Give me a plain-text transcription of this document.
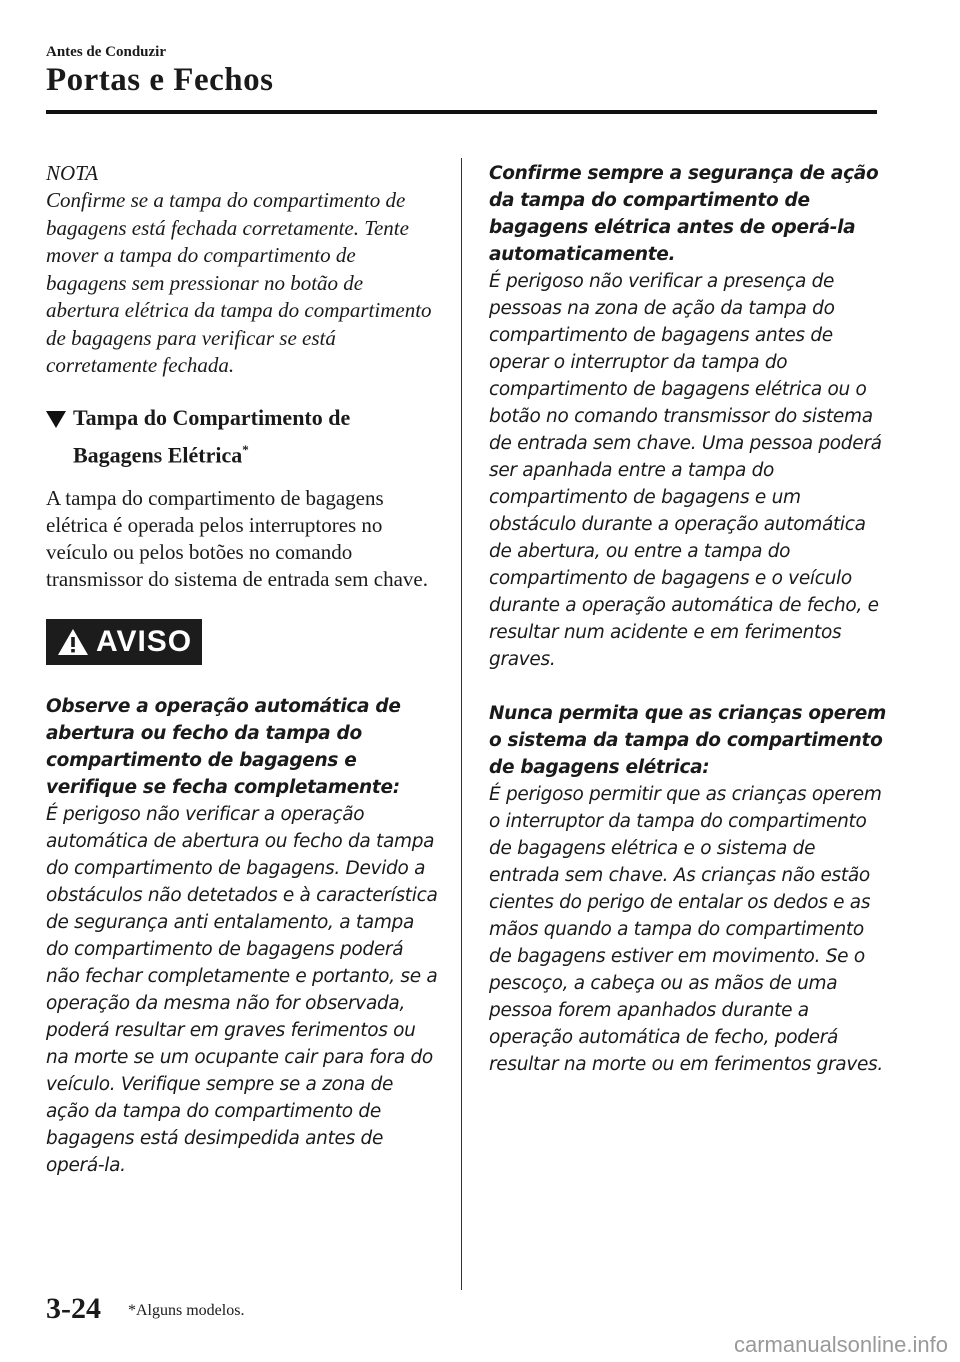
Antes de Conduzir
Portas e Fechos
NOTA
Confirme se a tampa do compartimento de bagagens está fechada corretamente. Tente mover a tampa do compartimento de bagagens sem pressionar no botão de abertura elétrica da tampa do compartimento de bagagens para verificar se está corretamente fechada.
Tampa do Compartimento de Bagagens Elétrica*
A tampa do compartimento de bagagens elétrica é operada pelos interruptores no veículo ou pelos botões no comando transmissor do sistema de entrada sem chave.
AVISO
Observe a operação automática de abertura ou fecho da tampa do compartimento de bagagens e verifique se fecha completamente:
É perigoso não verificar a operação automática de abertura ou fecho da tampa do compartimento de bagagens. Devido a obstáculos não detetados e à característica de segurança anti entalamento, a tampa do compartimento de bagagens poderá não fechar completamente e portanto, se a operação da mesma não for observada, poderá resultar em graves ferimentos ou na morte se um ocupante cair para fora do veículo. Verifique sempre se a zona de ação da tampa do compartimento de bagagens está desimpedida antes de operá-la.
Confirme sempre a segurança de ação da tampa do compartimento de bagagens elétrica antes de operá-la automaticamente.
É perigoso não verificar a presença de pessoas na zona de ação da tampa do compartimento de bagagens antes de operar o interruptor da tampa do compartimento de bagagens elétrica ou o botão no comando transmissor do sistema de entrada sem chave. Uma pessoa poderá ser apanhada entre a tampa do compartimento de bagagens e um obstáculo durante a operação automática de abertura, ou entre a tampa do compartimento de bagagens e o veículo durante a operação automática de fecho, e resultar num acidente e em ferimentos graves.
Nunca permita que as crianças operem o sistema da tampa do compartimento de bagagens elétrica:
É perigoso permitir que as crianças operem o interruptor da tampa do compartimento de bagagens elétrica e o sistema de entrada sem chave. As crianças não estão cientes do perigo de entalar os dedos e as mãos quando a tampa do compartimento de bagagens estiver em movimento. Se o pescoço, a cabeça ou as mãos de uma pessoa forem apanhados durante a operação automática de fecho, poderá resultar na morte ou em ferimentos graves.
3-24 *Alguns modelos.
carmanualsonline.info
